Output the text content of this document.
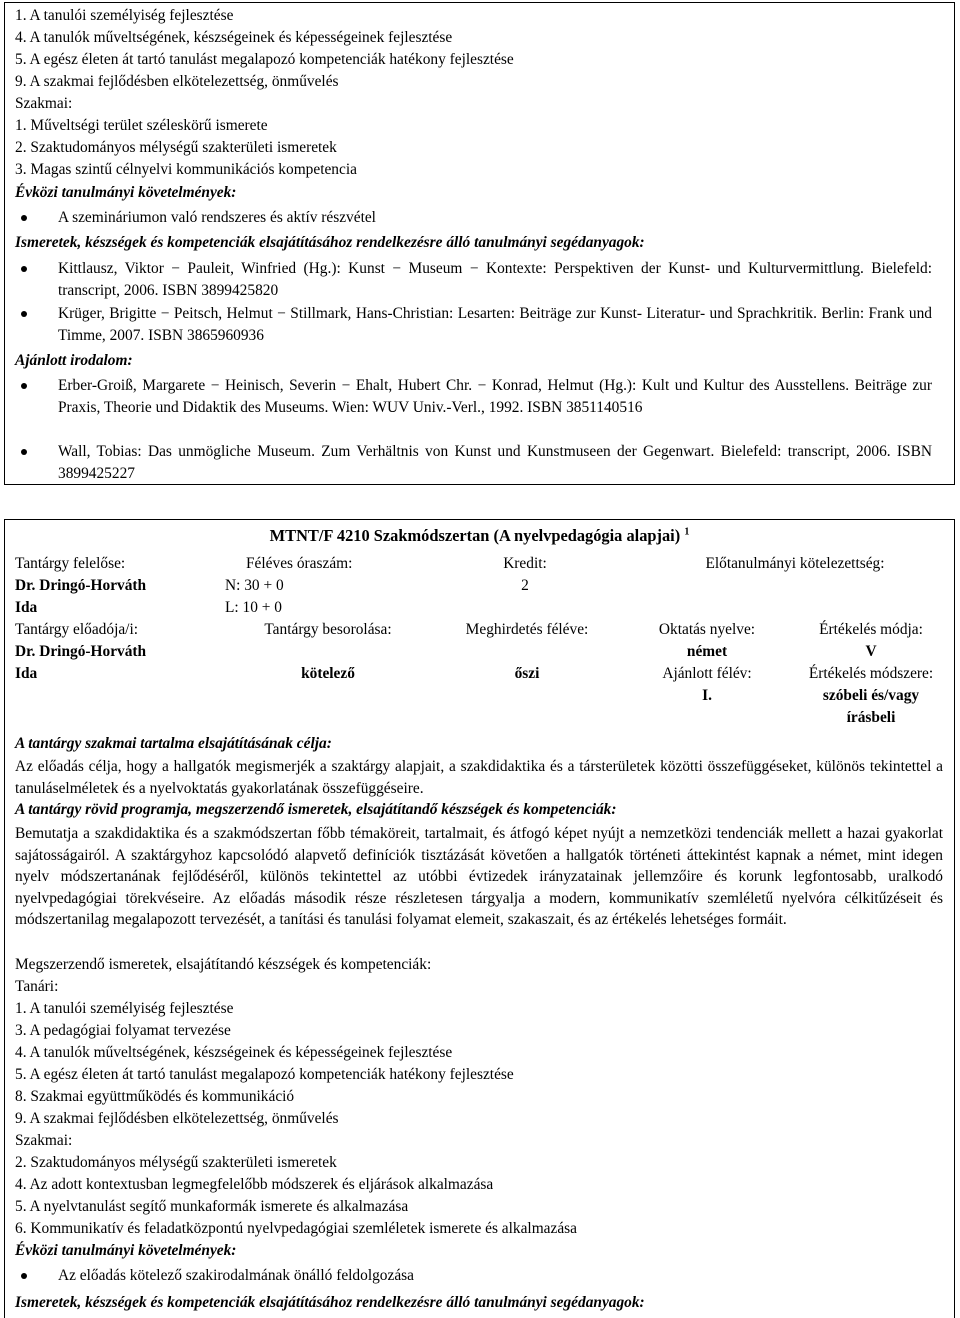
1. A tanulói személyiség fejlesztése
4. A tanulók műveltségének, készségeinek és képességeinek fejlesztése
5. A egész életen át tartó tanulást megalapozó kompetenciák hatékony fejlesztése
9. A szakmai fejlődésben elkötelezettség, önművelés
Szakmai:
1. Műveltségi terület széleskörű ismerete
2. Szaktudományos mélységű szakterületi ismeretek
3. Magas szintű célnyelvi kommunikációs kompetencia
Évközi tanulmányi követelmények:
A szemináriumon való rendszeres és aktív részvétel
Ismeretek, készségek és kompetenciák elsajátításához rendelkezésre álló tanulmányi segédanyagok:
Kittlausz, Viktor − Pauleit, Winfried (Hg.): Kunst − Museum − Kontexte: Perspektiven der Kunst- und Kulturvermittlung. Bielefeld: transcript, 2006. ISBN 3899425820
Krüger, Brigitte − Peitsch, Helmut − Stillmark, Hans-Christian: Lesarten: Beiträge zur Kunst- Literatur- und Sprachkritik. Berlin: Frank und Timme, 2007. ISBN 3865960936
Ajánlott irodalom:
Erber-Groiß, Margarete − Heinisch, Severin − Ehalt, Hubert Chr. − Konrad, Helmut (Hg.): Kult und Kultur des Ausstellens. Beiträge zur Praxis, Theorie und Didaktik des Museums. Wien: WUV Univ.-Verl., 1992. ISBN 3851140516
Wall, Tobias: Das unmögliche Museum. Zum Verhältnis von Kunst und Kunstmuseen der Gegenwart. Bielefeld: transcript, 2006. ISBN 3899425227
MTNT/F 4210 Szakmódszertan (A nyelvpedagógia alapjai) $^1$
Tantárgy felelőse:
Dr. Dringó-Horváth
Ida
Féléves óraszám:
N: 30 + 0
L: 10 + 0
Kredit:
2
Előtanulmányi kötelezettség:
Tantárgy előadója/i:
Dr. Dringó-Horváth
Ida
Tantárgy besorolása:
kötelező
Meghirdetés féléve:
őszi
Oktatás nyelve:
német
Ajánlott félév:
I.
Értékelés módja:
V
Értékelés módszere:
szóbeli és/vagy
írásbeli
A tantárgy szakmai tartalma elsajátításának célja:
Az előadás célja, hogy a hallgatók megismerjék a szaktárgy alapjait, a szakdidaktika és a társterületek közötti összefüggéseket, különös tekintettel a tanuláselméletek és a nyelvoktatás gyakorlatának összefüggéseire.
A tantárgy rövid programja, megszerzendő ismeretek, elsajátítandő készségek és kompetenciák:
Bemutatja a szakdidaktika és a szakmódszertan főbb témaköreit, tartalmait, és átfogó képet nyújt a nemzetközi tendenciák mellett a hazai gyakorlat sajátosságairól. A szaktárgyhoz kapcsolódó alapvető definíciók tisztázását követően a hallgatók történeti áttekintést kapnak a német, mint idegen nyelv módszertanának fejlődéséről, különös tekintettel az utóbbi évtizedek irányzatainak jellemzőire és korunk legfontosabb, uralkodó nyelvpedagógiai törekvéseire. Az előadás második része részletesen tárgyalja a modern, kommunikatív szemléletű nyelvóra célkitűzéseit és módszertanilag megalapozott tervezését, a tanítási és tanulási folyamat elemeit, szakaszait, és az értékelés lehetséges formáit.
Megszerzendő ismeretek, elsajátítandó készségek és kompetenciák:
Tanári:
1. A tanulói személyiség fejlesztése
3. A pedagógiai folyamat tervezése
4. A tanulók műveltségének, készségeinek és képességeinek fejlesztése
5. A egész életen át tartó tanulást megalapozó kompetenciák hatékony fejlesztése
8. Szakmai együttműködés és kommunikáció
9. A szakmai fejlődésben elkötelezettség, önművelés
Szakmai:
2. Szaktudományos mélységű szakterületi ismeretek
4. Az adott kontextusban legmegfelelőbb módszerek és eljárások alkalmazása
5. A nyelvtanulást segítő munkaformák ismerete és alkalmazása
6. Kommunikatív és feladatközpontú nyelvpedagógiai szemléletek ismerete és alkalmazása
Évközi tanulmányi követelmények:
Az előadás kötelező szakirodalmának önálló feldolgozása
Ismeretek, készségek és kompetenciák elsajátításához rendelkezésre álló tanulmányi segédanyagok:
